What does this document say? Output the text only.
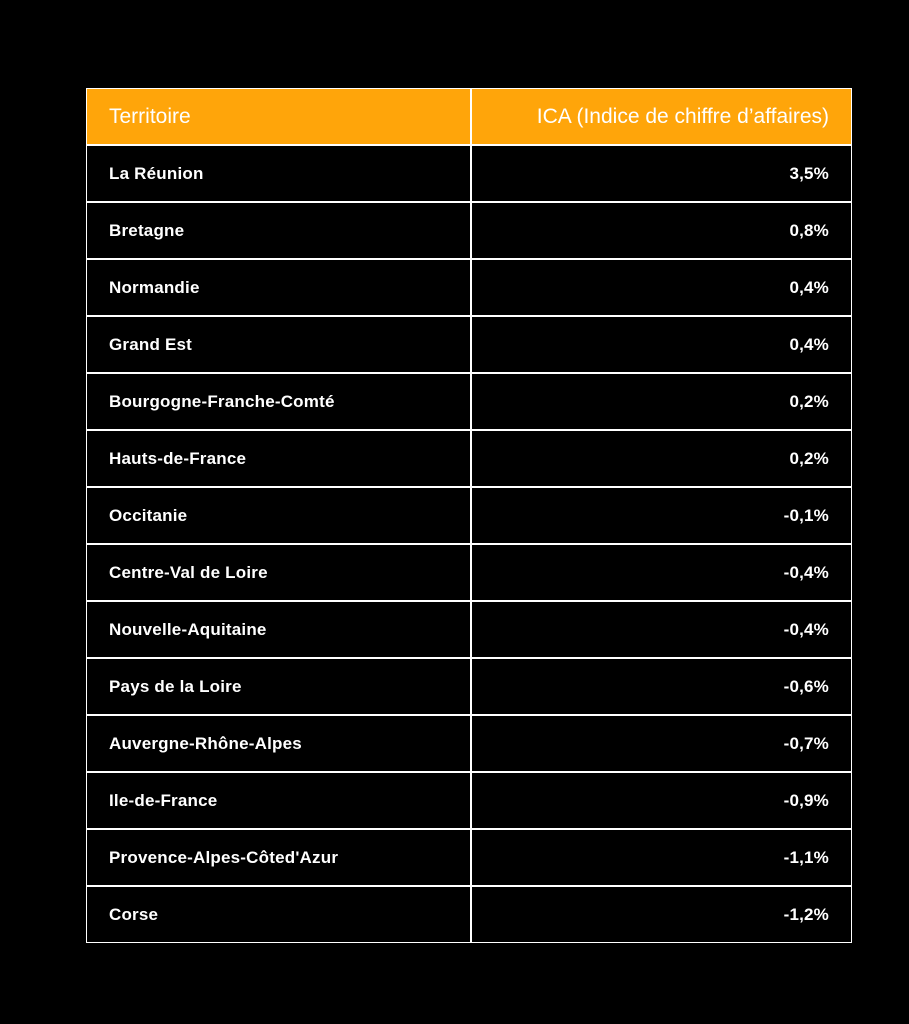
Territoire	ICA (Indice de chiffre d’affaires)
La Réunion	3,5%
Bretagne	0,8%
Normandie	0,4%
Grand Est	0,4%
Bourgogne-Franche-Comté	0,2%
Hauts-de-France	0,2%
Occitanie	-0,1%
Centre-Val de Loire	-0,4%
Nouvelle-Aquitaine	-0,4%
Pays de la Loire	-0,6%
Auvergne-Rhône-Alpes	-0,7%
Ile-de-France	-0,9%
Provence-Alpes-Côted'Azur	-1,1%
Corse	-1,2%
